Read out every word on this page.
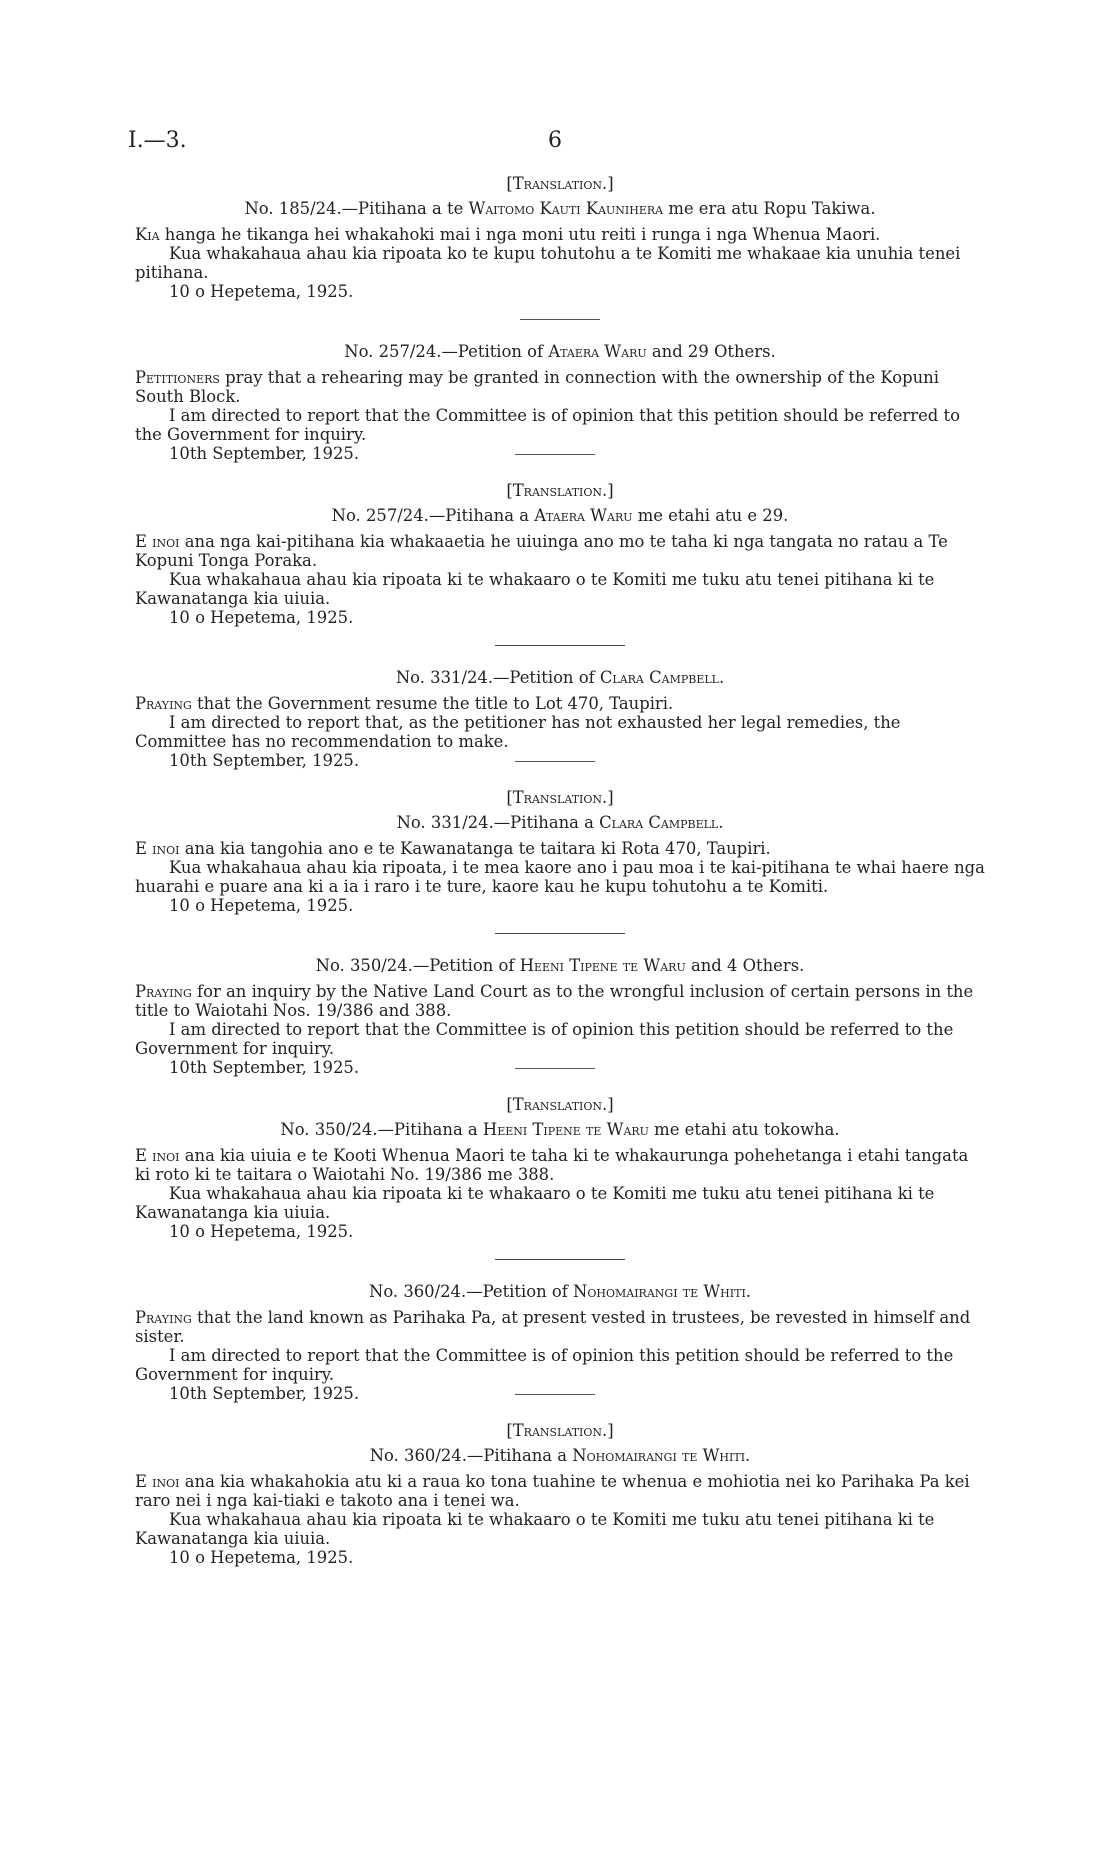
I.—3.	6

[Translation.]

No. 185/24.—Pitihana a te Waitomo Kauti Kaunihera me era atu Ropu Takiwa.

Kia hanga he tikanga hei whakahoki mai i nga moni utu reiti i runga i nga Whenua Maori.

Kua whakahaua ahau kia ripoata ko te kupu tohutohu a te Komiti me whakaae kia unuhia tenei pitihana.

10 o Hepetema, 1925.

No. 257/24.—Petition of Ataera Waru and 29 Others.

Petitioners pray that a rehearing may be granted in connection with the ownership of the Kopuni South Block.

I am directed to report that the Committee is of opinion that this petition should be referred to the Government for inquiry.

10th September, 1925.

[Translation.]

No. 257/24.—Pitihana a Ataera Waru me etahi atu e 29.

E inoi ana nga kai-pitihana kia whakaaetia he uiuinga ano mo te taha ki nga tangata no ratau a Te Kopuni Tonga Poraka.

Kua whakahaua ahau kia ripoata ki te whakaaro o te Komiti me tuku atu tenei pitihana ki te Kawanatanga kia uiuia.

10 o Hepetema, 1925.

No. 331/24.—Petition of Clara Campbell.

Praying that the Government resume the title to Lot 470, Taupiri.

I am directed to report that, as the petitioner has not exhausted her legal remedies, the Committee has no recommendation to make.

10th September, 1925.

[Translation.]

No. 331/24.—Pitihana a Clara Campbell.

E inoi ana kia tangohia ano e te Kawanatanga te taitara ki Rota 470, Taupiri.

Kua whakahaua ahau kia ripoata, i te mea kaore ano i pau moa i te kai-pitihana te whai haere nga huarahi e puare ana ki a ia i raro i te ture, kaore kau he kupu tohutohu a te Komiti.

10 o Hepetema, 1925.

No. 350/24.—Petition of Heeni Tipene te Waru and 4 Others.

Praying for an inquiry by the Native Land Court as to the wrongful inclusion of certain persons in the title to Waiotahi Nos. 19/386 and 388.

I am directed to report that the Committee is of opinion this petition should be referred to the Government for inquiry.

10th September, 1925.

[Translation.]

No. 350/24.—Pitihana a Heeni Tipene te Waru me etahi atu tokowha.

E inoi ana kia uiuia e te Kooti Whenua Maori te taha ki te whakaurunga pohehetanga i etahi tangata ki roto ki te taitara o Waiotahi No. 19/386 me 388.

Kua whakahaua ahau kia ripoata ki te whakaaro o te Komiti me tuku atu tenei pitihana ki te Kawanatanga kia uiuia.

10 o Hepetema, 1925.

No. 360/24.—Petition of Nohomairangi te Whiti.

Praying that the land known as Parihaka Pa, at present vested in trustees, be revested in himself and sister.

I am directed to report that the Committee is of opinion this petition should be referred to the Government for inquiry.

10th September, 1925.

[Translation.]

No. 360/24.—Pitihana a Nohomairangi te Whiti.

E inoi ana kia whakahokia atu ki a raua ko tona tuahine te whenua e mohiotia nei ko Parihaka Pa kei raro nei i nga kai-tiaki e takoto ana i tenei wa.

Kua whakahaua ahau kia ripoata ki te whakaaro o te Komiti me tuku atu tenei pitihana ki te Kawanatanga kia uiuia.

10 o Hepetema, 1925.
